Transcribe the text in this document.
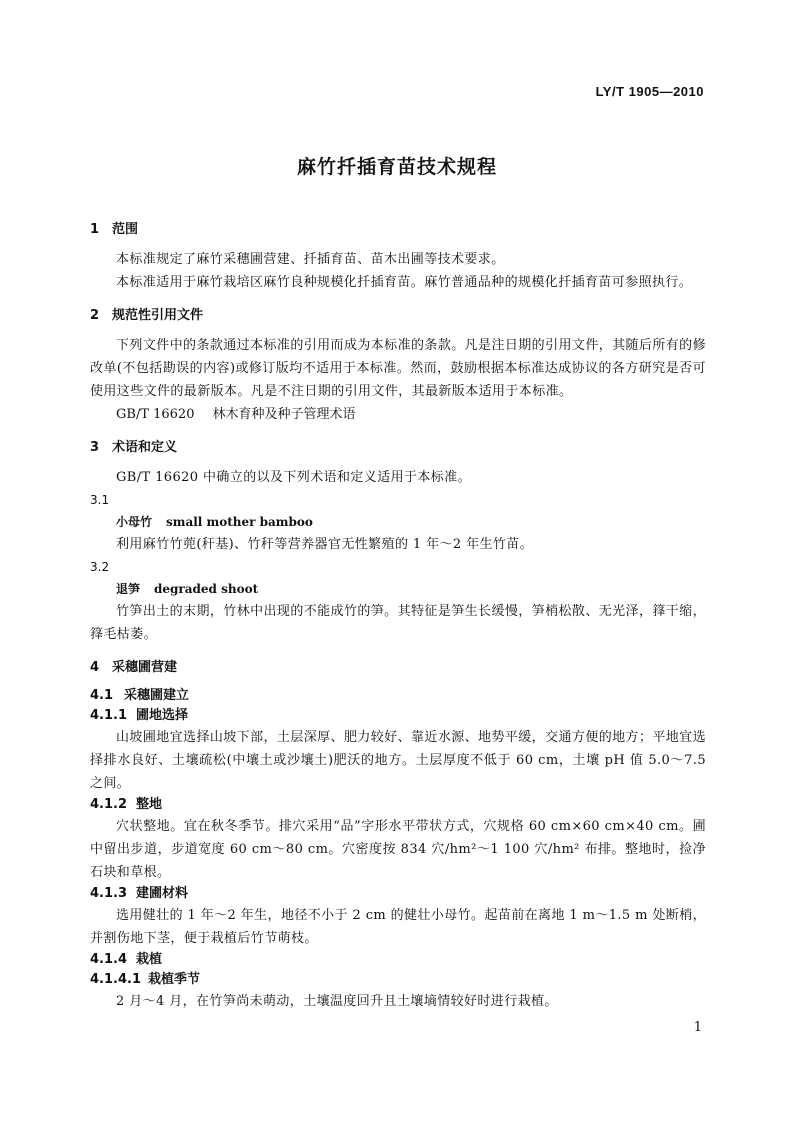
LY/T 1905—2010
麻竹扦插育苗技术规程
1 范围

本标准规定了麻竹采穗圃营建、扦插育苗、苗木出圃等技术要求。

本标准适用于麻竹栽培区麻竹良种规模化扦插育苗。麻竹普通品种的规模化扦插育苗可参照执行。

2 规范性引用文件

下列文件中的条款通过本标准的引用而成为本标准的条款。凡是注日期的引用文件，其随后所有的修改单(不包括勘误的内容)或修订版均不适用于本标准。然而，鼓励根据本标准达成协议的各方研究是否可使用这些文件的最新版本。凡是不注日期的引用文件，其最新版本适用于本标准。

GB/T 16620 林木育种及种子管理术语

3 术语和定义

GB/T 16620 中确立的以及下列术语和定义适用于本标准。

3.1

小母竹 small mother bamboo

利用麻竹竹蔸(秆基)、竹秆等营养器官无性繁殖的 1 年～2 年生竹苗。

3.2

退笋 degraded shoot

竹笋出土的末期，竹林中出现的不能成竹的笋。其特征是笋生长缓慢，笋梢松散、无光泽，箨干缩，箨毛枯萎。

4 采穗圃营建
4.1 采穗圃建立
4.1.1 圃地选择

山坡圃地宜选择山坡下部，土层深厚、肥力较好、靠近水源、地势平缓，交通方便的地方；平地宜选择排水良好、土壤疏松(中壤土或沙壤土)肥沃的地方。土层厚度不低于 60 cm，土壤 pH 值 5.0～7.5 之间。

4.1.2 整地

穴状整地。宜在秋冬季节。排穴采用“品”字形水平带状方式，穴规格 60 cm×60 cm×40 cm。圃中留出步道，步道宽度 60 cm～80 cm。穴密度按 834 穴/hm²～1 100 穴/hm² 布排。整地时，捡净石块和草根。

4.1.3 建圃材料

选用健壮的 1 年～2 年生，地径不小于 2 cm 的健壮小母竹。起苗前在离地 1 m～1.5 m 处断梢，并割伤地下茎，便于栽植后竹节萌枝。

4.1.4 栽植
4.1.4.1 栽植季节

2 月～4 月，在竹笋尚未萌动，土壤温度回升且土壤墒情较好时进行栽植。

1
